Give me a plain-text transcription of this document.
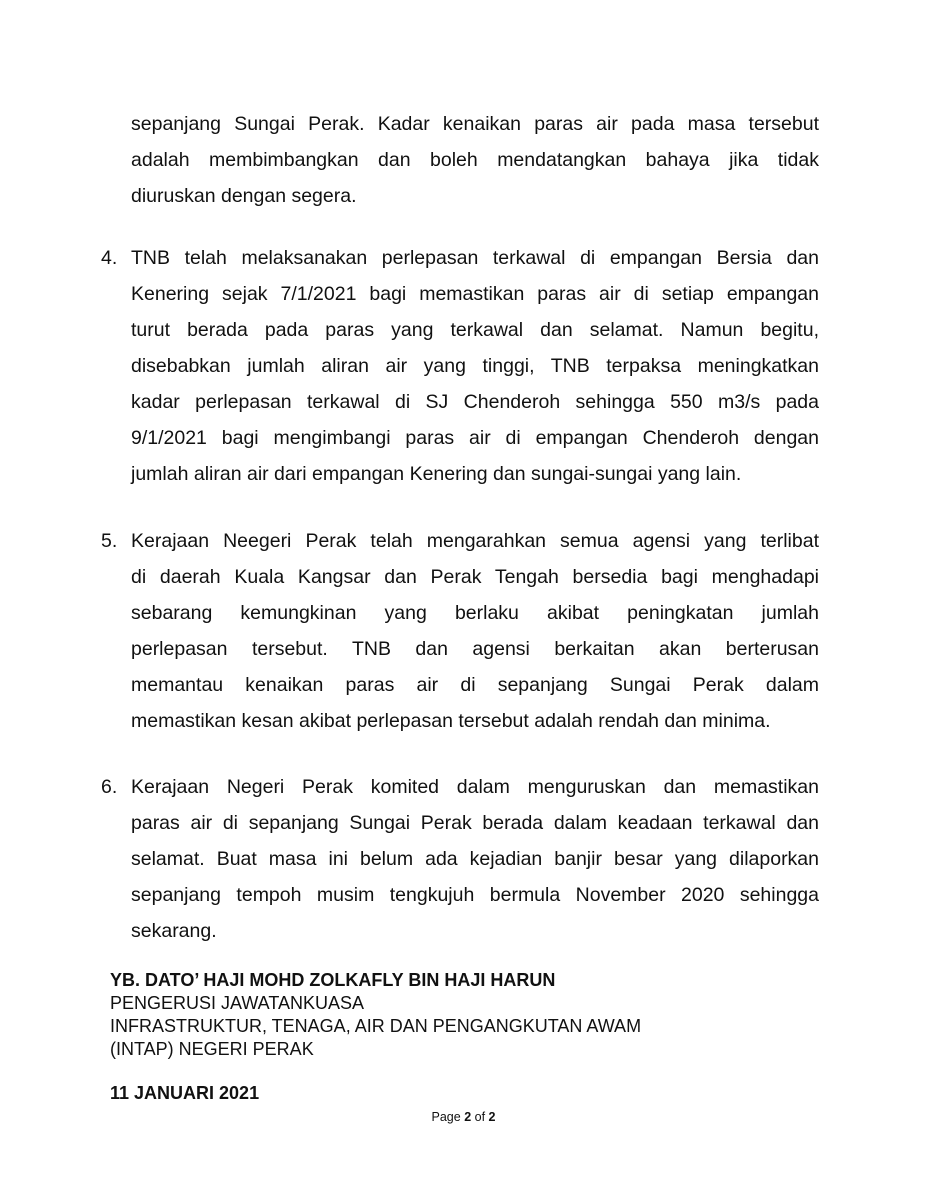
sepanjang Sungai Perak. Kadar kenaikan paras air pada masa tersebut
adalah membimbangkan dan boleh mendatangkan bahaya jika tidak
diuruskan dengan segera.
4. TNB telah melaksanakan perlepasan terkawal di empangan Bersia dan
Kenering sejak 7/1/2021 bagi memastikan paras air di setiap empangan
turut berada pada paras yang terkawal dan selamat. Namun begitu,
disebabkan jumlah aliran air yang tinggi, TNB terpaksa meningkatkan
kadar perlepasan terkawal di SJ Chenderoh sehingga 550 m3/s pada
9/1/2021 bagi mengimbangi paras air di empangan Chenderoh dengan
jumlah aliran air dari empangan Kenering dan sungai-sungai yang lain.
5. Kerajaan Neegeri Perak telah mengarahkan semua agensi yang terlibat
di daerah Kuala Kangsar dan Perak Tengah bersedia bagi menghadapi
sebarang kemungkinan yang berlaku akibat peningkatan jumlah
perlepasan tersebut. TNB dan agensi berkaitan akan berterusan
memantau kenaikan paras air di sepanjang Sungai Perak dalam
memastikan kesan akibat perlepasan tersebut adalah rendah dan minima.
6. Kerajaan Negeri Perak komited dalam menguruskan dan memastikan
paras air di sepanjang Sungai Perak berada dalam keadaan terkawal dan
selamat. Buat masa ini belum ada kejadian banjir besar yang dilaporkan
sepanjang tempoh musim tengkujuh bermula November 2020 sehingga
sekarang.
YB. DATO’ HAJI MOHD ZOLKAFLY BIN HAJI HARUN
PENGERUSI JAWATANKUASA
INFRASTRUKTUR, TENAGA, AIR DAN PENGANGKUTAN AWAM
(INTAP) NEGERI PERAK
11 JANUARI 2021
Page 2 of 2
